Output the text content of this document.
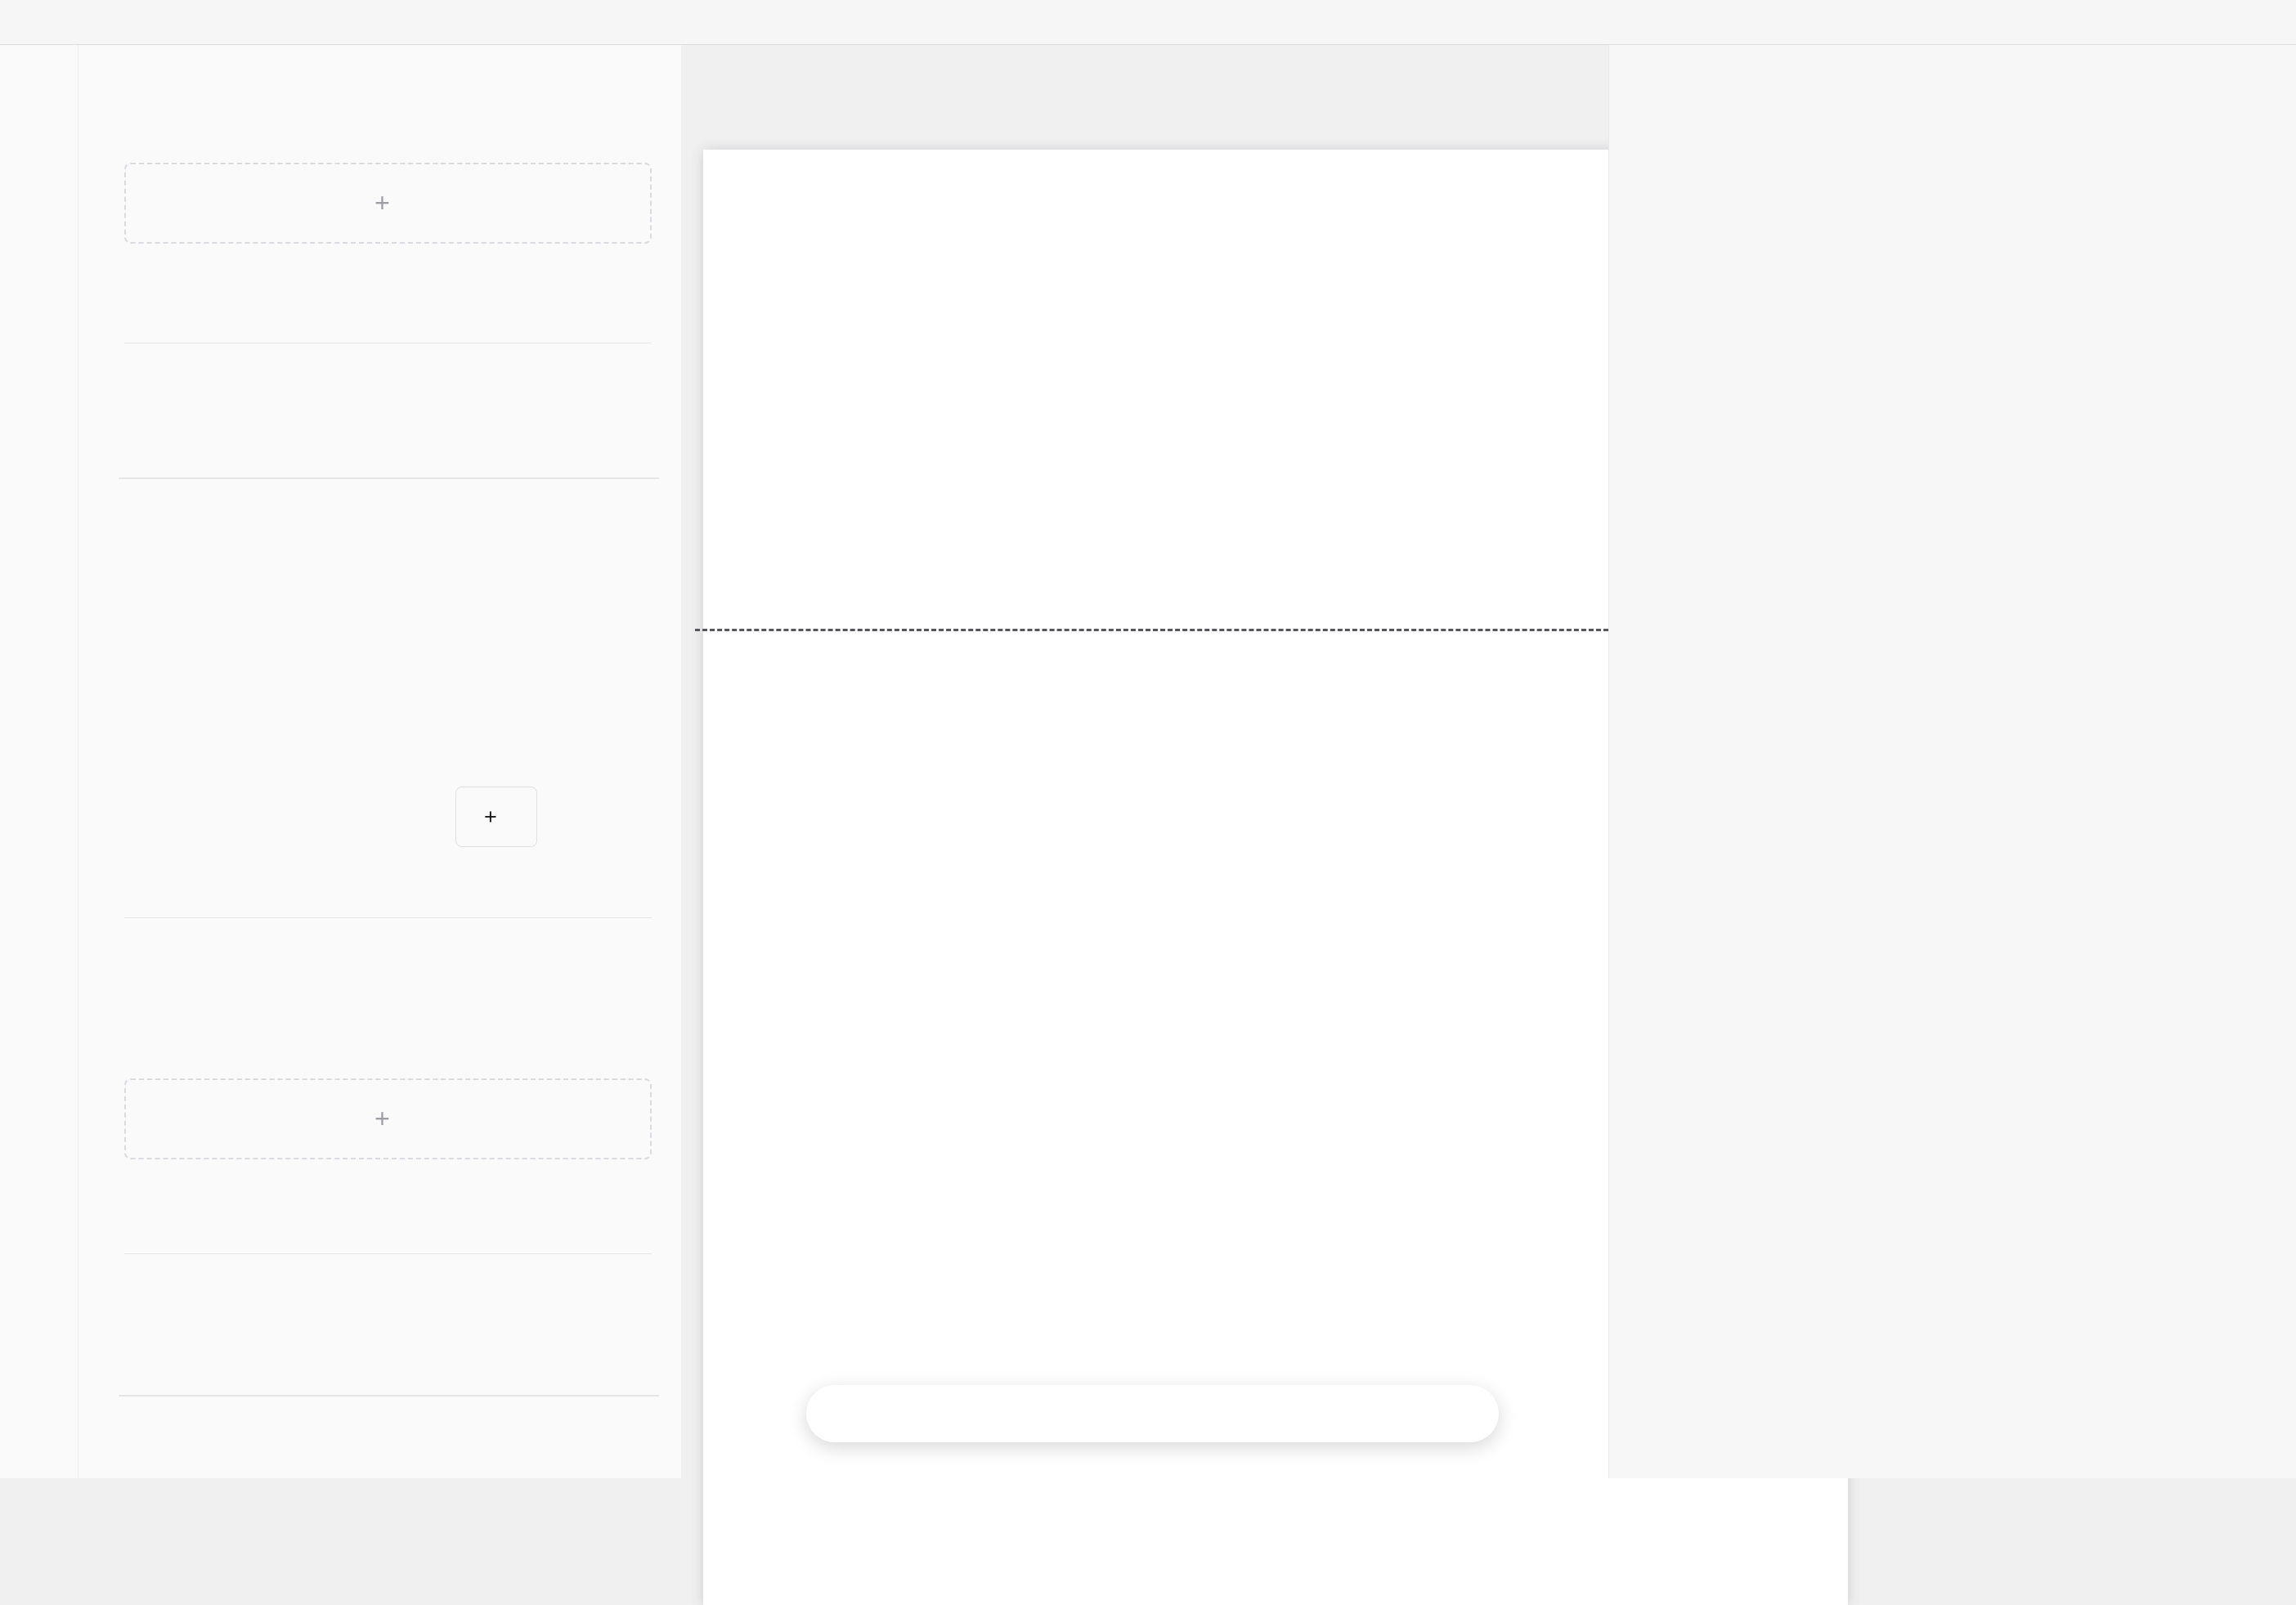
+
+
+
